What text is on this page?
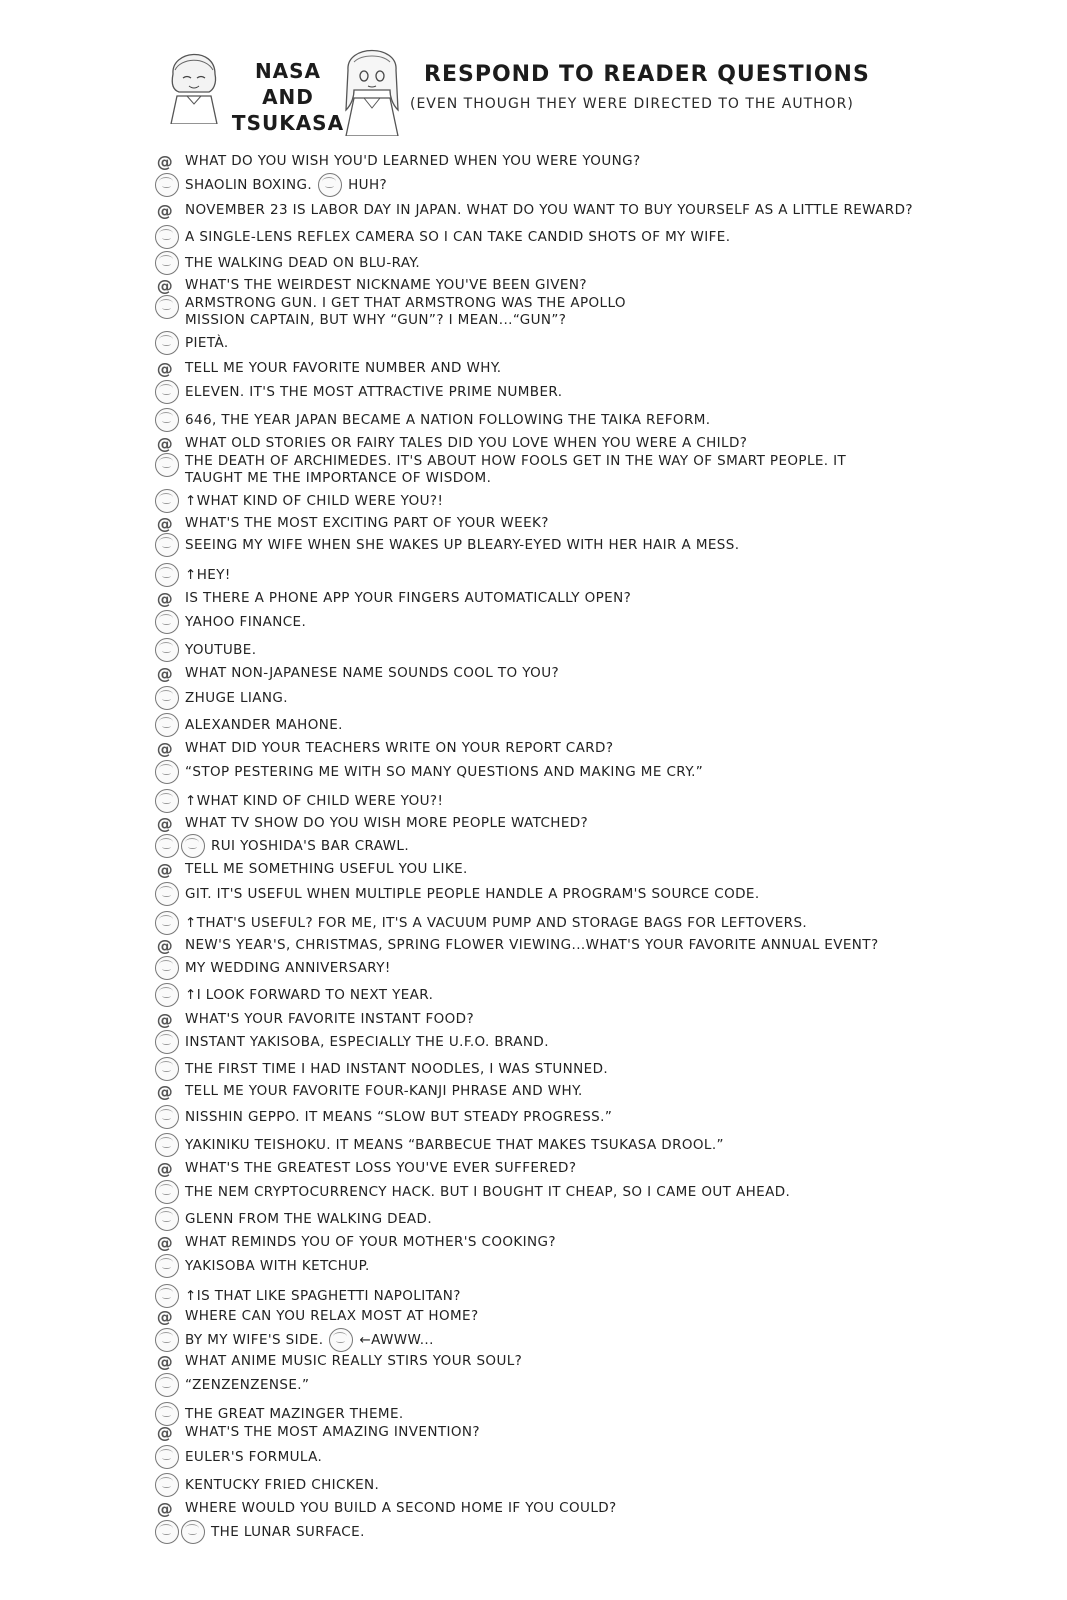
NASA AND
TSUKASA
RESPOND TO READER QUESTIONS
(EVEN THOUGH THEY WERE DIRECTED TO THE AUTHOR)
@ WHAT DO YOU WISH YOU'D LEARNED WHEN YOU WERE YOUNG?
SHAOLIN BOXING.	HUH?
@ NOVEMBER 23 IS LABOR DAY IN JAPAN. WHAT DO YOU WANT TO BUY YOURSELF AS A LITTLE REWARD?
A SINGLE-LENS REFLEX CAMERA SO I CAN TAKE CANDID SHOTS OF MY WIFE.
THE WALKING DEAD ON BLU-RAY.
@ WHAT'S THE WEIRDEST NICKNAME YOU'VE BEEN GIVEN?
ARMSTRONG GUN. I GET THAT ARMSTRONG WAS THE APOLLO
MISSION CAPTAIN, BUT WHY “GUN”? I MEAN...“GUN”?
PIETÀ.
@ TELL ME YOUR FAVORITE NUMBER AND WHY.
ELEVEN. IT'S THE MOST ATTRACTIVE PRIME NUMBER.
646, THE YEAR JAPAN BECAME A NATION FOLLOWING THE TAIKA REFORM.
@ WHAT OLD STORIES OR FAIRY TALES DID YOU LOVE WHEN YOU WERE A CHILD?
THE DEATH OF ARCHIMEDES. IT'S ABOUT HOW FOOLS GET IN THE WAY OF SMART PEOPLE. IT
TAUGHT ME THE IMPORTANCE OF WISDOM.
↑WHAT KIND OF CHILD WERE YOU?!
@ WHAT'S THE MOST EXCITING PART OF YOUR WEEK?
SEEING MY WIFE WHEN SHE WAKES UP BLEARY-EYED WITH HER HAIR A MESS.
↑HEY!
@ IS THERE A PHONE APP YOUR FINGERS AUTOMATICALLY OPEN?
YAHOO FINANCE.
YOUTUBE.
@ WHAT NON-JAPANESE NAME SOUNDS COOL TO YOU?
ZHUGE LIANG.
ALEXANDER MAHONE.
@ WHAT DID YOUR TEACHERS WRITE ON YOUR REPORT CARD?
“STOP PESTERING ME WITH SO MANY QUESTIONS AND MAKING ME CRY.”
↑WHAT KIND OF CHILD WERE YOU?!
@ WHAT TV SHOW DO YOU WISH MORE PEOPLE WATCHED?
RUI YOSHIDA'S BAR CRAWL.
@ TELL ME SOMETHING USEFUL YOU LIKE.
GIT. IT'S USEFUL WHEN MULTIPLE PEOPLE HANDLE A PROGRAM'S SOURCE CODE.
↑THAT'S USEFUL? FOR ME, IT'S A VACUUM PUMP AND STORAGE BAGS FOR LEFTOVERS.
@ NEW'S YEAR'S, CHRISTMAS, SPRING FLOWER VIEWING...WHAT'S YOUR FAVORITE ANNUAL EVENT?
MY WEDDING ANNIVERSARY!
↑I LOOK FORWARD TO NEXT YEAR.
@ WHAT'S YOUR FAVORITE INSTANT FOOD?
INSTANT YAKISOBA, ESPECIALLY THE U.F.O. BRAND.
THE FIRST TIME I HAD INSTANT NOODLES, I WAS STUNNED.
@ TELL ME YOUR FAVORITE FOUR-KANJI PHRASE AND WHY.
NISSHIN GEPPO. IT MEANS “SLOW BUT STEADY PROGRESS.”
YAKINIKU TEISHOKU. IT MEANS “BARBECUE THAT MAKES TSUKASA DROOL.”
@ WHAT'S THE GREATEST LOSS YOU'VE EVER SUFFERED?
THE NEM CRYPTOCURRENCY HACK. BUT I BOUGHT IT CHEAP, SO I CAME OUT AHEAD.
GLENN FROM THE WALKING DEAD.
@ WHAT REMINDS YOU OF YOUR MOTHER'S COOKING?
YAKISOBA WITH KETCHUP.
↑IS THAT LIKE SPAGHETTI NAPOLITAN?
@ WHERE CAN YOU RELAX MOST AT HOME?
BY MY WIFE'S SIDE.	←AWWW...
@ WHAT ANIME MUSIC REALLY STIRS YOUR SOUL?
“ZENZENZENSE.”
THE GREAT MAZINGER THEME.
@ WHAT'S THE MOST AMAZING INVENTION?
EULER'S FORMULA.
KENTUCKY FRIED CHICKEN.
@ WHERE WOULD YOU BUILD A SECOND HOME IF YOU COULD?
THE LUNAR SURFACE.
